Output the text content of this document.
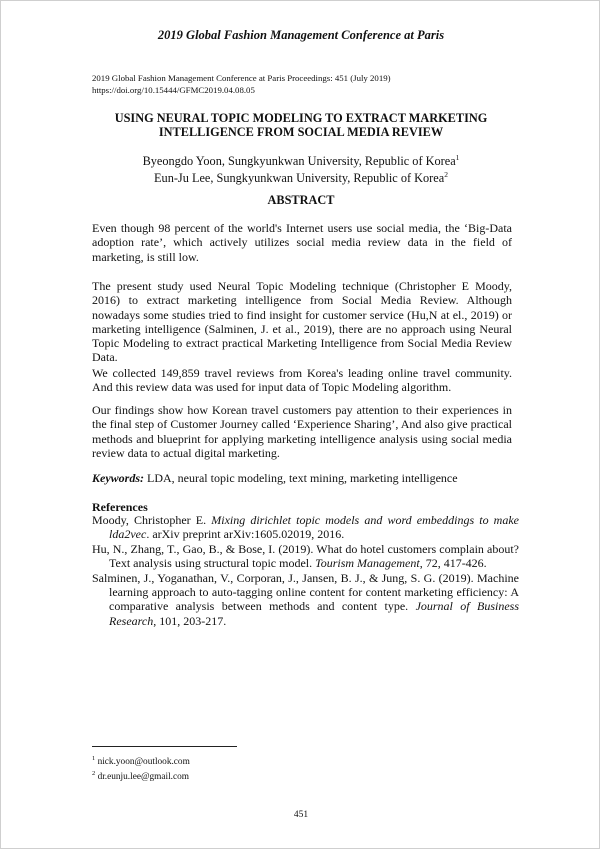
2019 Global Fashion Management Conference at Paris
2019 Global Fashion Management Conference at Paris Proceedings: 451 (July 2019) https://doi.org/10.15444/GFMC2019.04.08.05
USING NEURAL TOPIC MODELING TO EXTRACT MARKETING
INTELLIGENCE FROM SOCIAL MEDIA REVIEW
Byeongdo Yoon, Sungkyunkwan University, Republic of Korea$^1$
Eun-Ju Lee, Sungkyunkwan University, Republic of Korea$^2$
ABSTRACT
Even though 98 percent of the world's Internet users use social media, the ‘Big-Data adoption rate’, which actively utilizes social media review data in the field of marketing, is still low.
The present study used Neural Topic Modeling technique (Christopher E Moody, 2016) to extract marketing intelligence from Social Media Review. Although nowadays some studies tried to find insight for customer service (Hu,N at el., 2019) or marketing intelligence (Salminen, J. et al., 2019), there are no approach using Neural Topic Modeling to extract practical Marketing Intelligence from Social Media Review Data.
We collected 149,859 travel reviews from Korea's leading online travel community. And this review data was used for input data of Topic Modeling algorithm.
Our findings show how Korean travel customers pay attention to their experiences in the final step of Customer Journey called ‘Experience Sharing’, And also give practical methods and blueprint for applying marketing intelligence analysis using social media review data to actual digital marketing.
Keywords: LDA, neural topic modeling, text mining, marketing intelligence
References

Moody, Christopher E. Mixing dirichlet topic models and word embeddings to make lda2vec. arXiv preprint arXiv:1605.02019, 2016.

Hu, N., Zhang, T., Gao, B., & Bose, I. (2019). What do hotel customers complain about? Text analysis using structural topic model. Tourism Management, 72, 417-426.

Salminen, J., Yoganathan, V., Corporan, J., Jansen, B. J., & Jung, S. G. (2019). Machine learning approach to auto-tagging online content for content marketing efficiency: A comparative analysis between methods and content type. Journal of Business Research, 101, 203-217.

$^1$ nick.yoon@outlook.com
$^2$ dr.eunju.lee@gmail.com
451
